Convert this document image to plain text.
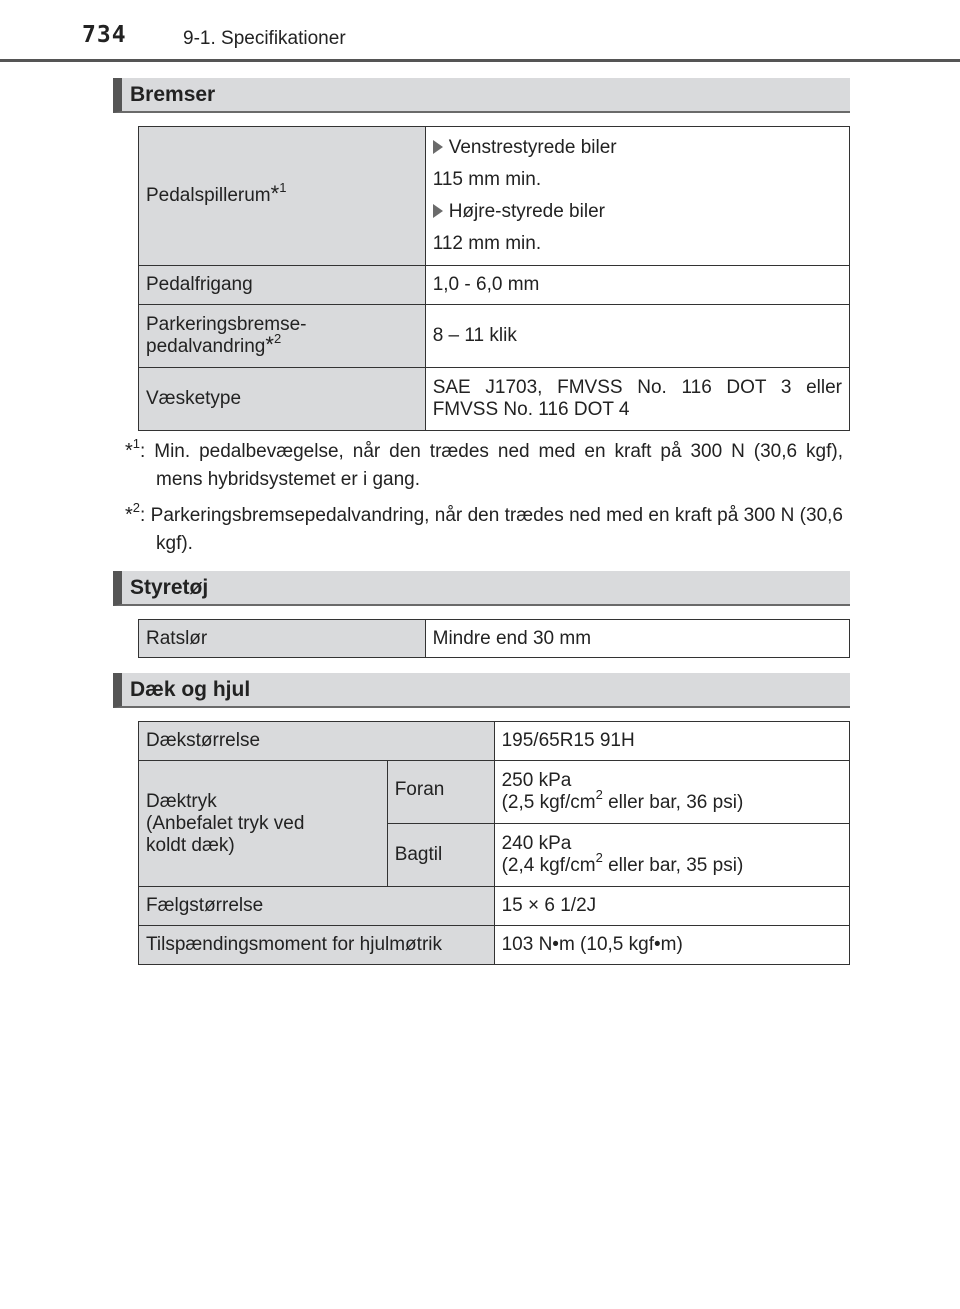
734	9-1. Specifikationer
Bremser
Pedalspillerum*$^1$	Venstrestyrede biler
115 mm min.
Højre-styrede biler
112 mm min.

Pedalfrigang	1,0 - 6,0 mm
Parkeringsbremse-
pedalvandring*$^2$	8 – 11 klik
Væsketype	SAE J1703, FMVSS No. 116 DOT 3 eller FMVSS No. 116 DOT 4
*$^1$: Min. pedalbevægelse, når den trædes ned med en kraft på 300 N (30,6 kgf), mens hybridsystemet er i gang.
*$^2$: Parkeringsbremsepedalvandring, når den trædes ned med en kraft på 300 N (30,6 kgf).
Styretøj
Ratslør	Mindre end 30 mm
Dæk og hjul
Dækstørrelse		195/65R15 91H
Dæktryk
(Anbefalet tryk ved
koldt dæk)	Foran	250 kPa
(2,5 kgf/$cm^2$ eller bar, 36 psi)
	Bagtil	240 kPa
(2,4 kgf/$cm^2$ eller bar, 35 psi)
Fælgstørrelse		15 × 6 1/2J
Tilspændingsmoment for hjulmøtrik		103 N•m (10,5 kgf•m)
